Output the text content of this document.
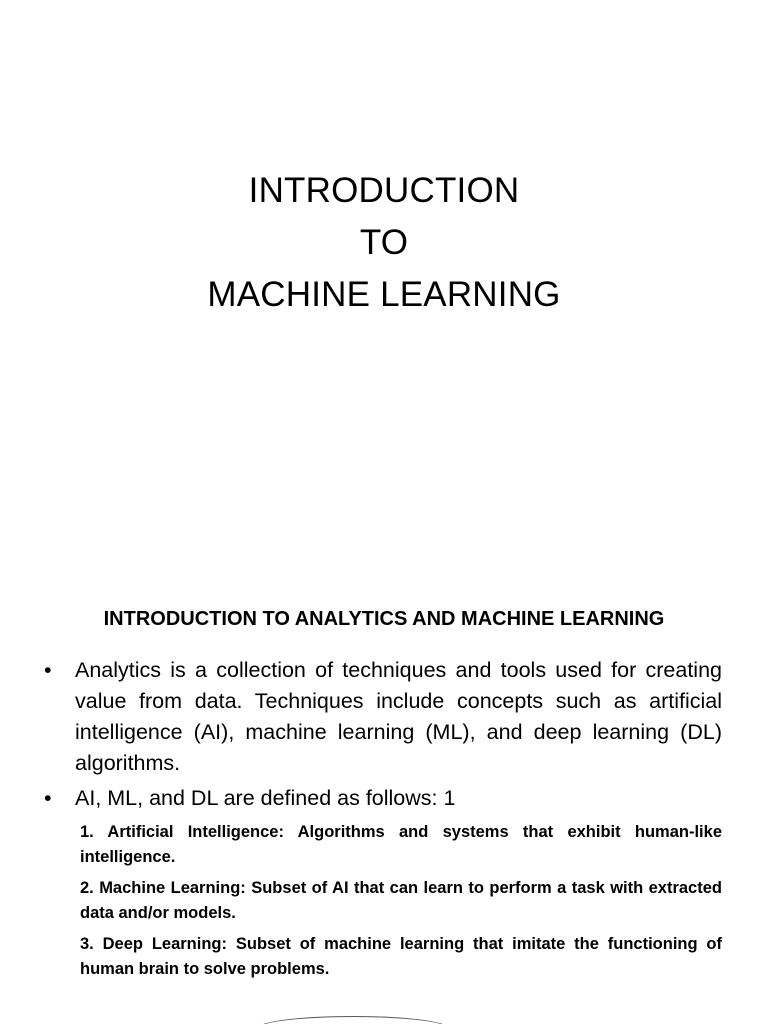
INTRODUCTION
TO
MACHINE LEARNING
INTRODUCTION TO ANALYTICS AND MACHINE LEARNING
• Analytics is a collection of techniques and tools used for creating value from data. Techniques include concepts such as artificial intelligence (AI), machine learning (ML), and deep learning (DL) algorithms.
• AI, ML, and DL are defined as follows: 1
1. Artificial Intelligence: Algorithms and systems that exhibit human-like intelligence.
2. Machine Learning: Subset of AI that can learn to perform a task with extracted data and/or models.
3. Deep Learning: Subset of machine learning that imitate the functioning of human brain to solve problems.
